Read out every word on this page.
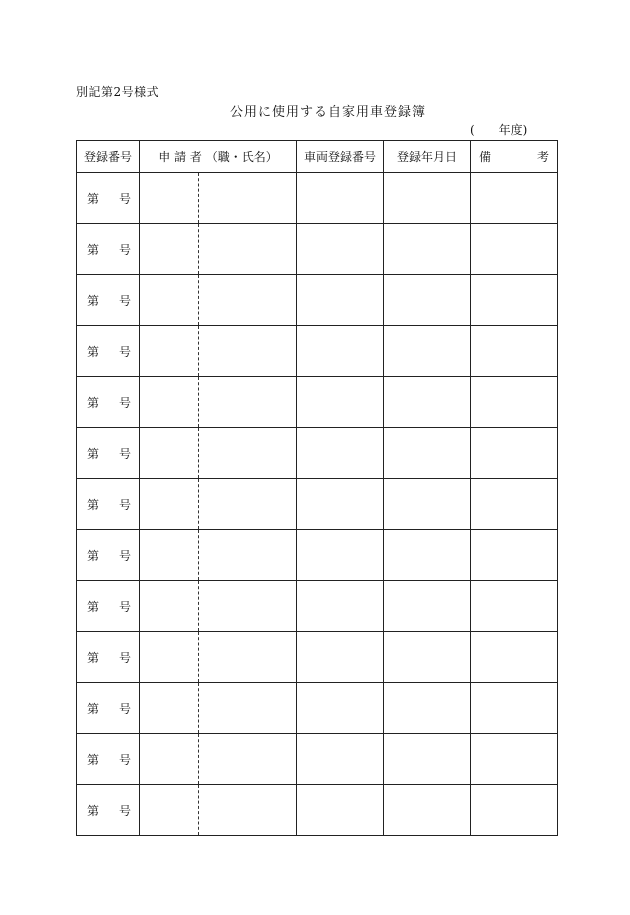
別記第2号様式
公用に使用する自家用車登録簿
(　　年度)
登録番号	申 請 者 （職・氏名）		車両登録番号	登録年月日	備 考

第 号					

第 号					

第 号					

第 号					

第 号					

第 号					

第 号					

第 号					

第 号					

第 号					

第 号					

第 号					

第 号					
